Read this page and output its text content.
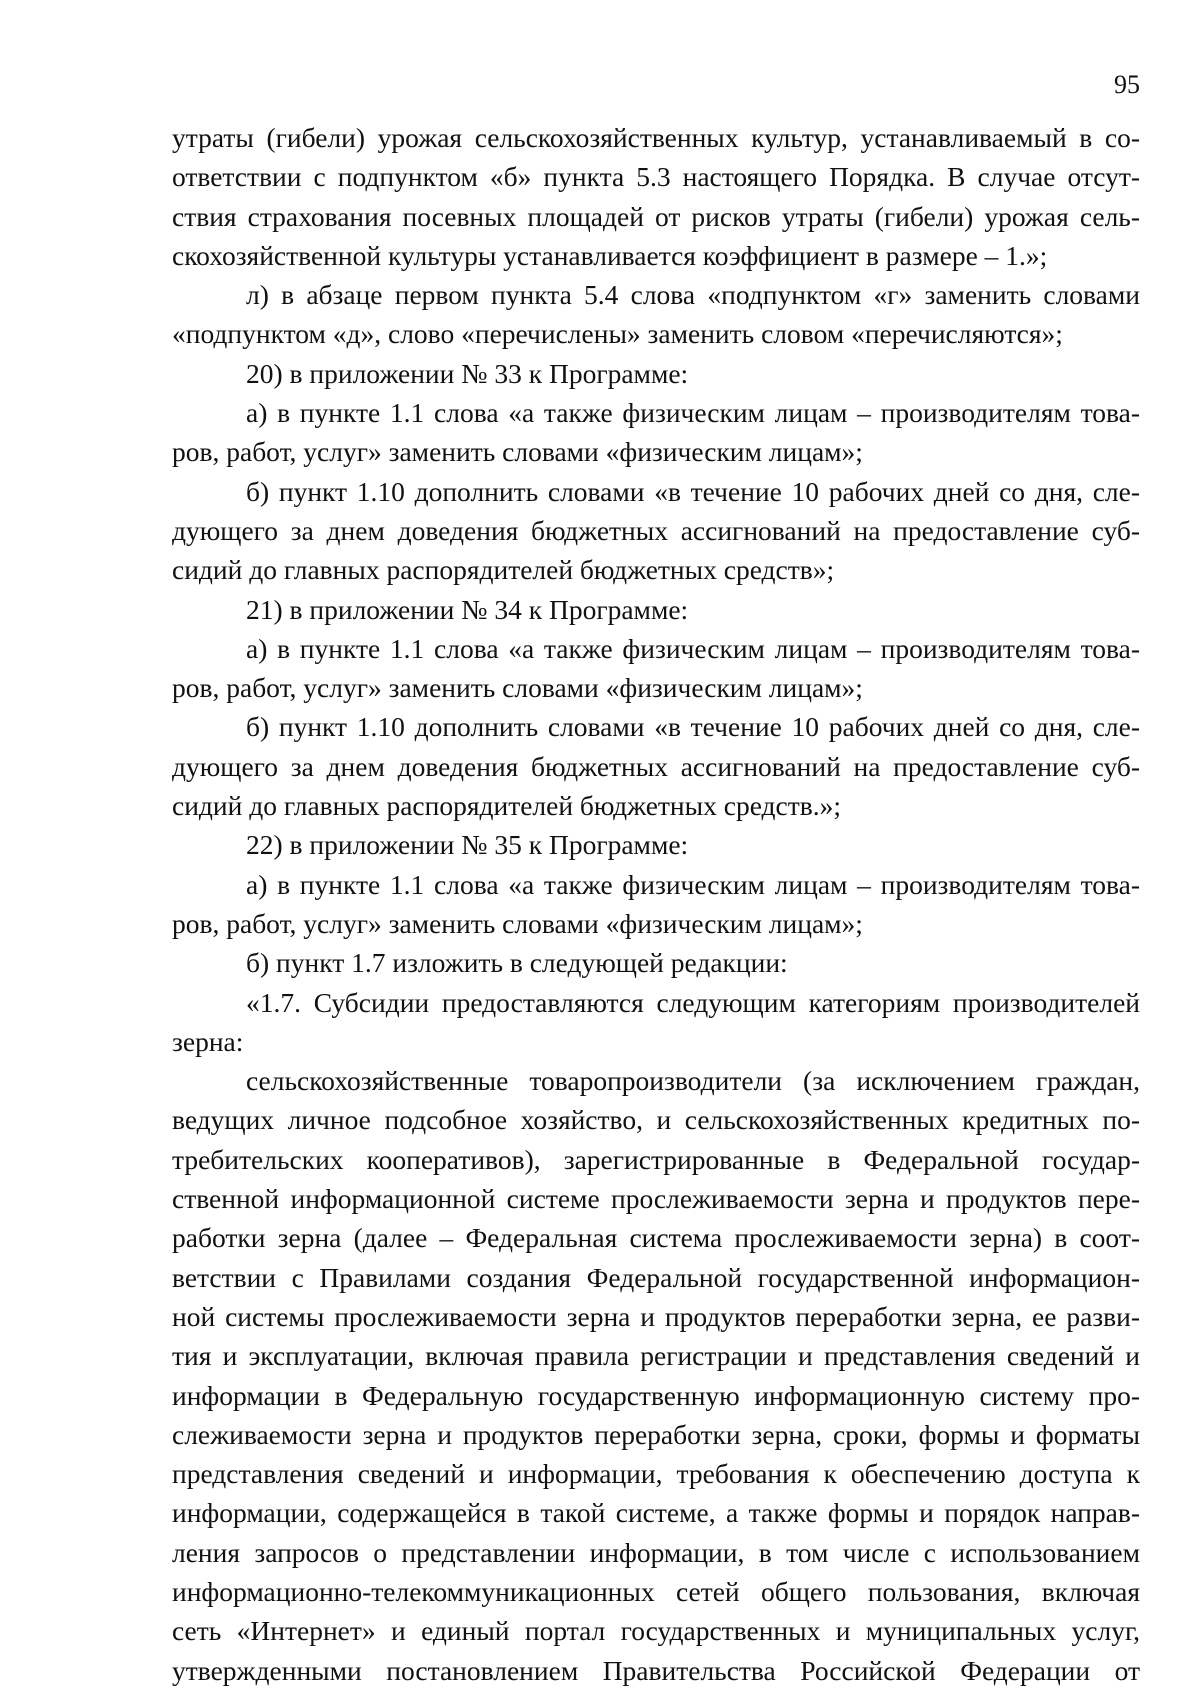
95
утраты (гибели) урожая сельскохозяйственных культур, устанавливаемый в со-
ответствии с подпунктом «б» пункта 5.3 настоящего Порядка. В случае отсут-
ствия страхования посевных площадей от рисков утраты (гибели) урожая сель-
скохозяйственной культуры устанавливается коэффициент в размере – 1.»;
л) в абзаце первом пункта 5.4 слова «подпунктом «г» заменить словами
«подпунктом «д», слово «перечислены» заменить словом «перечисляются»;
20) в приложении № 33 к Программе:
а) в пункте 1.1 слова «а также физическим лицам – производителям това-
ров, работ, услуг» заменить словами «физическим лицам»;
б) пункт 1.10 дополнить словами «в течение 10 рабочих дней со дня, сле-
дующего за днем доведения бюджетных ассигнований на предоставление суб-
сидий до главных распорядителей бюджетных средств»;
21) в приложении № 34 к Программе:
а) в пункте 1.1 слова «а также физическим лицам – производителям това-
ров, работ, услуг» заменить словами «физическим лицам»;
б) пункт 1.10 дополнить словами «в течение 10 рабочих дней со дня, сле-
дующего за днем доведения бюджетных ассигнований на предоставление суб-
сидий до главных распорядителей бюджетных средств.»;
22) в приложении № 35 к Программе:
а) в пункте 1.1 слова «а также физическим лицам – производителям това-
ров, работ, услуг» заменить словами «физическим лицам»;
б) пункт 1.7 изложить в следующей редакции:
«1.7. Субсидии предоставляются следующим категориям производителей
зерна:
сельскохозяйственные товаропроизводители (за исключением граждан,
ведущих личное подсобное хозяйство, и сельскохозяйственных кредитных по-
требительских кооперативов), зарегистрированные в Федеральной государ-
ственной информационной системе прослеживаемости зерна и продуктов пере-
работки зерна (далее – Федеральная система прослеживаемости зерна) в соот-
ветствии с Правилами создания Федеральной государственной информацион-
ной системы прослеживаемости зерна и продуктов переработки зерна, ее разви-
тия и эксплуатации, включая правила регистрации и представления сведений и
информации в Федеральную государственную информационную систему про-
слеживаемости зерна и продуктов переработки зерна, сроки, формы и форматы
представления сведений и информации, требования к обеспечению доступа к
информации, содержащейся в такой системе, а также формы и порядок направ-
ления запросов о представлении информации, в том числе с использованием
информационно-телекоммуникационных сетей общего пользования, включая
сеть «Интернет» и единый портал государственных и муниципальных услуг,
утвержденными постановлением Правительства Российской Федерации от
